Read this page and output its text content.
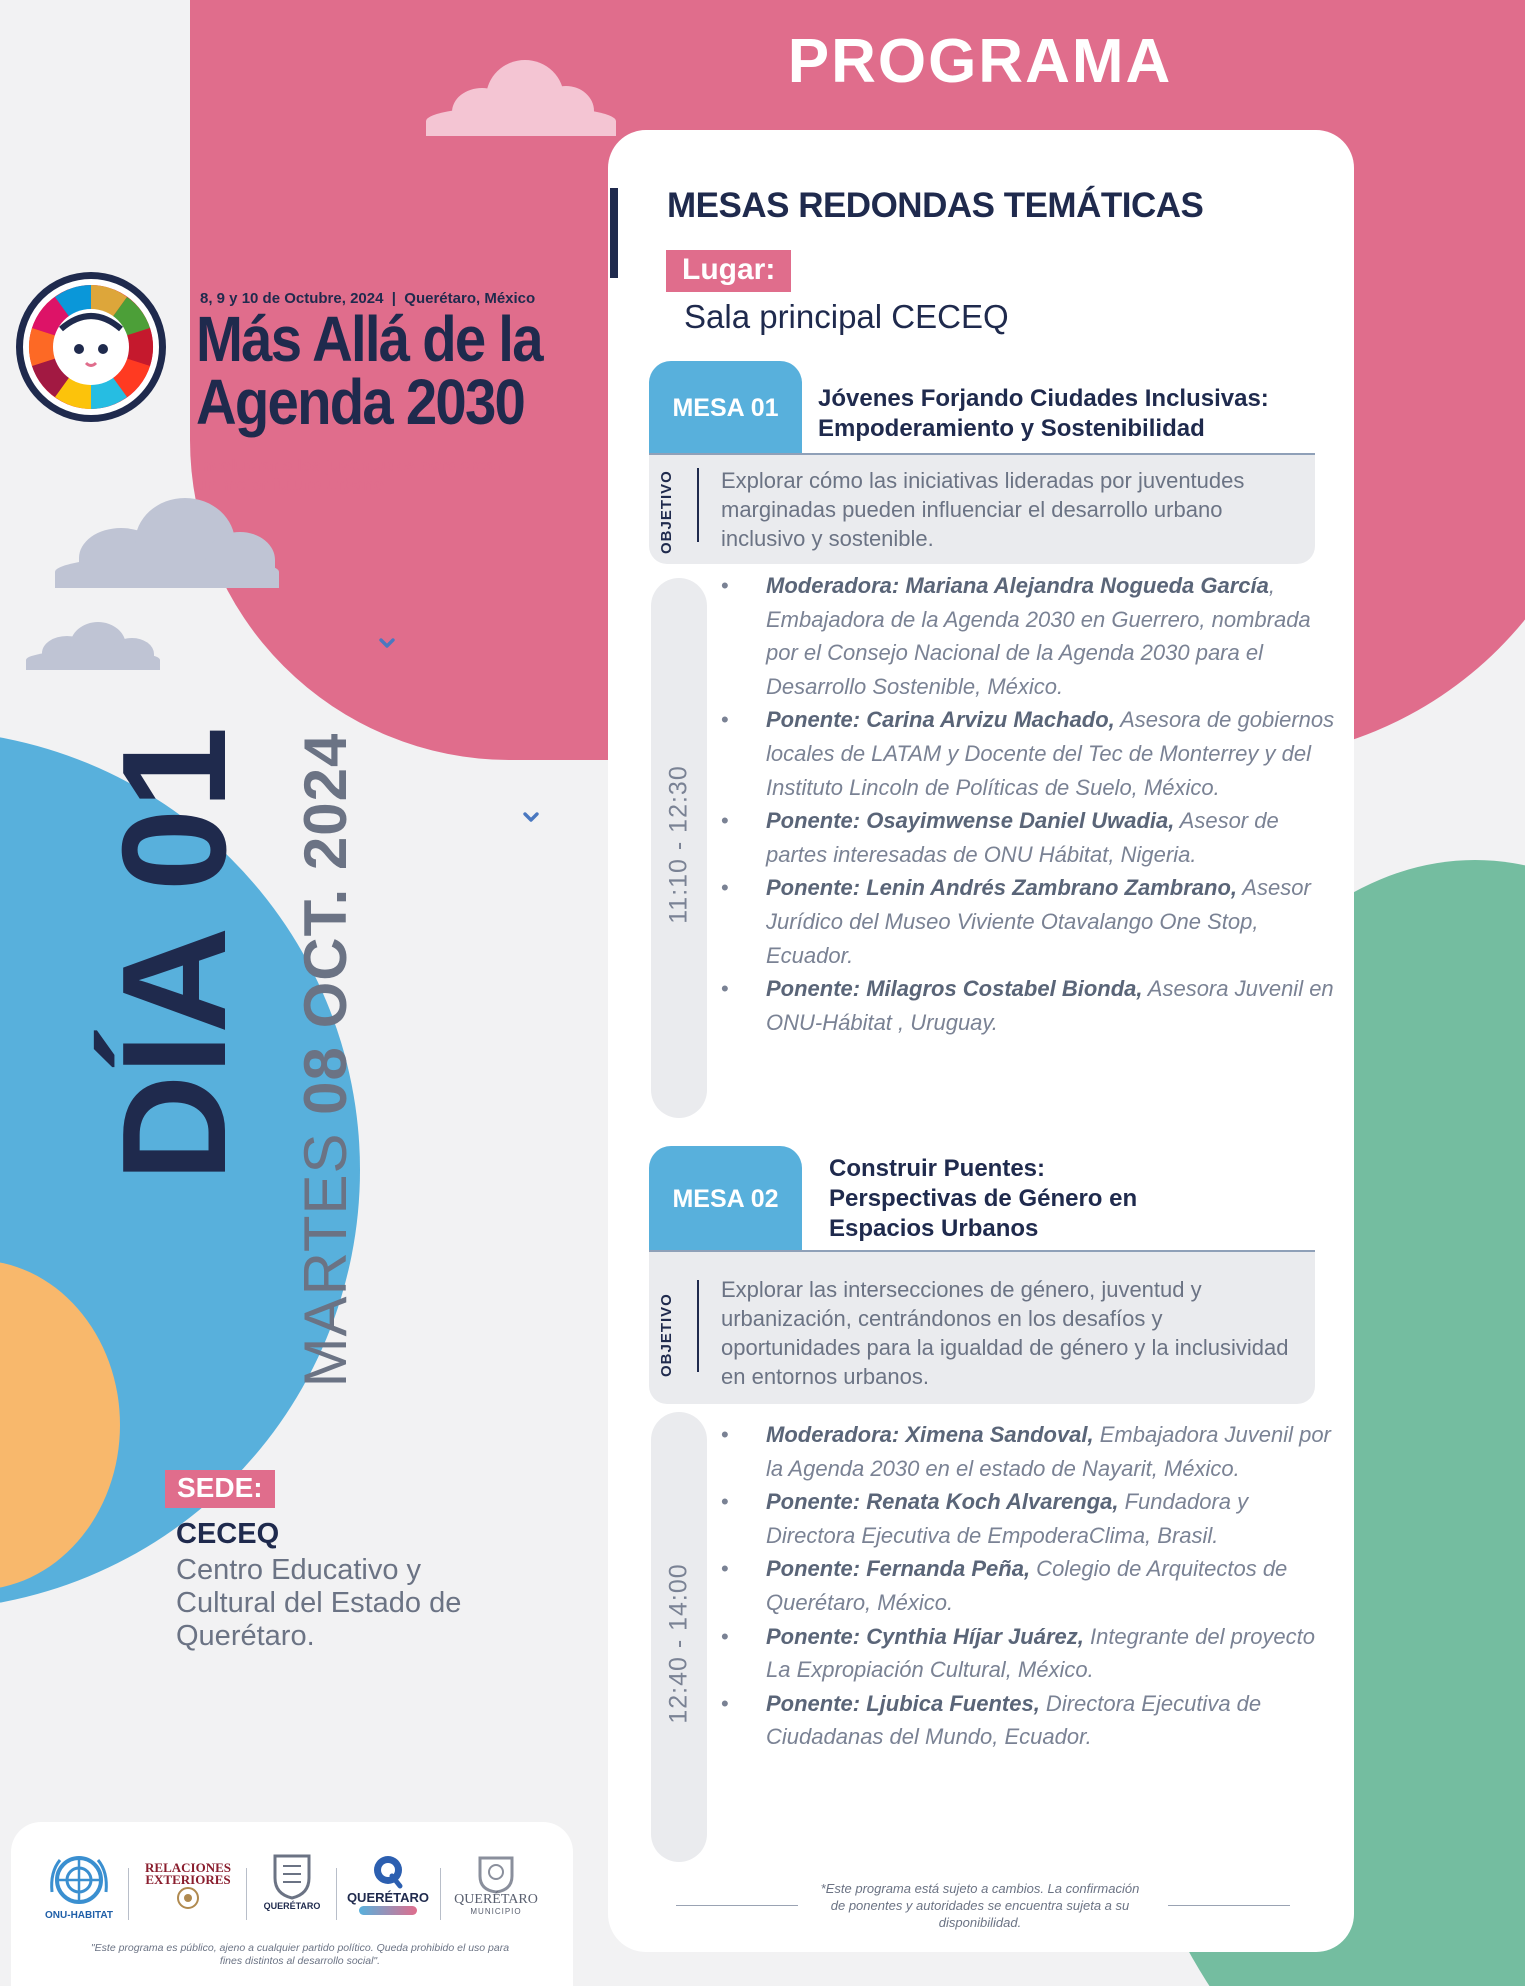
PROGRAMA
8, 9 y 10 de Octubre, 2024  |  Querétaro, México
Más Allá de la
Agenda 2030
Involucrar a las juventudes para crear un mejor futuro urbano
DÍA 01
MARTES 08 OCT. 2024
SEDE:
CECEQ
Centro Educativo y Cultural del Estado de Querétaro.
MESAS REDONDAS TEMÁTICAS
Lugar:
Sala principal CECEQ
MESA 01	Jóvenes Forjando Ciudades Inclusivas: Empoderamiento y Sostenibilidad
OBJETIVO Explorar cómo las iniciativas lideradas por juventudes marginadas pueden influenciar el desarrollo urbano inclusivo y sostenible.
11:10 - 12:30
• Moderadora: Mariana Alejandra Nogueda García, Embajadora de la Agenda 2030 en Guerrero, nombrada por el Consejo Nacional de la Agenda 2030 para el Desarrollo Sostenible, México.
• Ponente: Carina Arvizu Machado, Asesora de gobiernos locales de LATAM y Docente del Tec de Monterrey y del Instituto Lincoln de Políticas de Suelo, México.
• Ponente: Osayimwense Daniel Uwadia, Asesor de partes interesadas de ONU Hábitat, Nigeria.
• Ponente: Lenin Andrés Zambrano Zambrano, Asesor Jurídico del Museo Viviente Otavalango One Stop, Ecuador.
• Ponente: Milagros Costabel Bionda, Asesora Juvenil en ONU-Hábitat , Uruguay.
MESA 02
Construir Puentes: Perspectivas de Género en Espacios Urbanos
OBJETIVO
Explorar las intersecciones de género, juventud y urbanización, centrándonos en los desafíos y oportunidades para la igualdad de género y la inclusividad en entornos urbanos.
12:40 - 14:00
• Moderadora: Ximena Sandoval, Embajadora Juvenil por la Agenda 2030 en el estado de Nayarit, México.
• Ponente: Renata Koch Alvarenga, Fundadora y Directora Ejecutiva de EmpoderaClima, Brasil.
• Ponente: Fernanda Peña, Colegio de Arquitectos de Querétaro, México.
• Ponente: Cynthia Híjar Juárez, Integrante del proyecto La Expropiación Cultural, México.
• Ponente: Ljubica Fuentes, Directora Ejecutiva de Ciudadanas del Mundo, Ecuador.
*Este programa está sujeto a cambios. La confirmación de ponentes y autoridades se encuentra sujeta a su disponibilidad.
ONU-HABITAT
RELACIONES
EXTERIORES
QUERÉTARO
QUERÉTARO QUERÉTARO
MUNICIPIO
"Este programa es público, ajeno a cualquier partido político. Queda prohibido el uso para fines distintos al desarrollo social".
